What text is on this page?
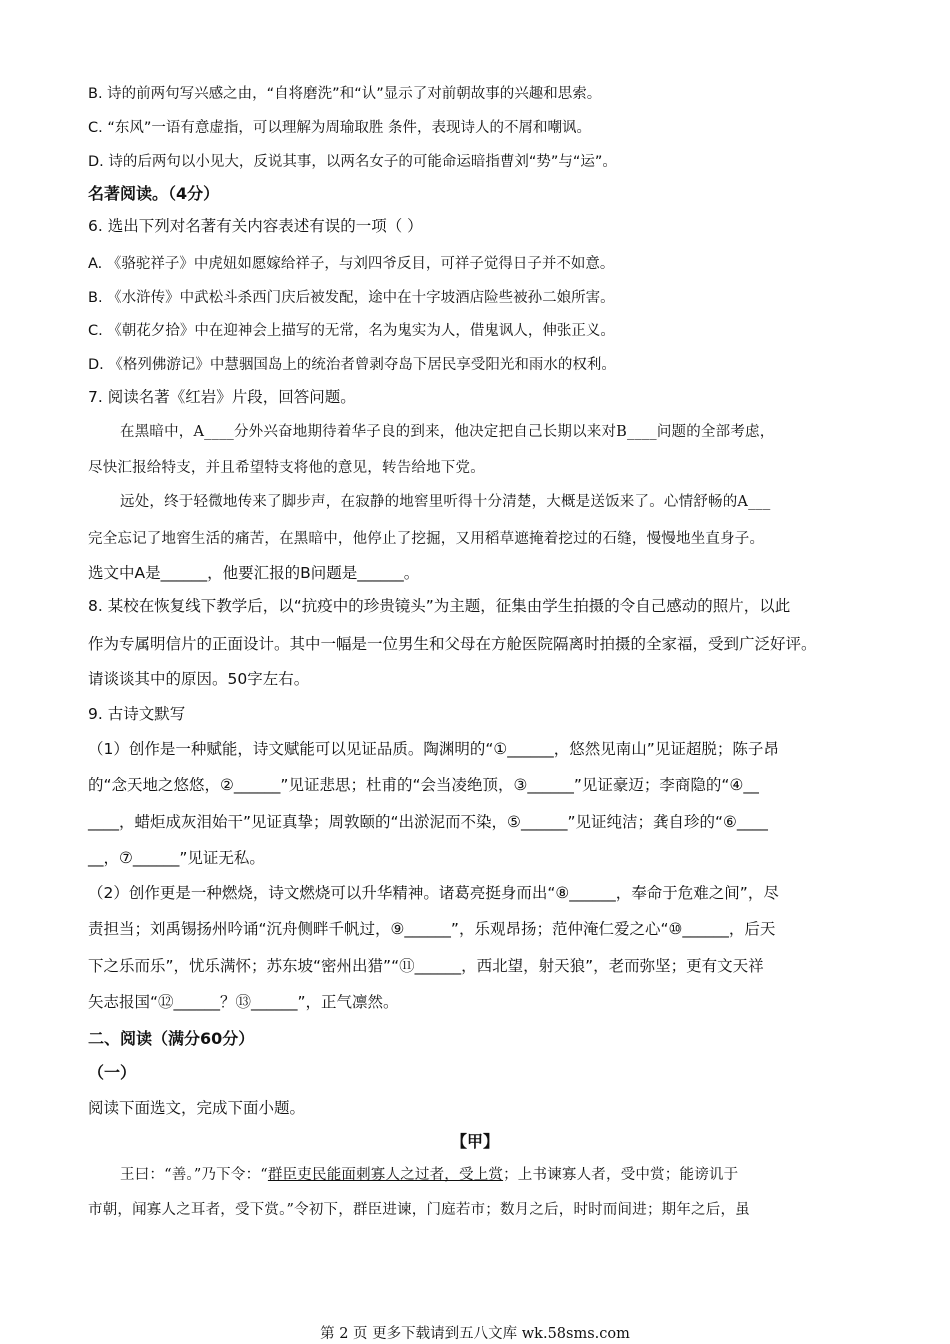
B. 诗的前两句写兴感之由，“自将磨洗”和“认”显示了对前朝故事的兴趣和思索。
C. “东风”一语有意虚指，可以理解为周瑜取胜 条件，表现诗人的不屑和嘲讽。
D. 诗的后两句以小见大，反说其事，以两名女子的可能命运暗指曹刘“势”与“运”。
名著阅读。（4分）
6. 选出下列对名著有关内容表述有误的一项（ ）
A. 《骆驼祥子》中虎妞如愿嫁给祥子，与刘四爷反目，可祥子觉得日子并不如意。
B. 《水浒传》中武松斗杀西门庆后被发配，途中在十字坡酒店险些被孙二娘所害。
C. 《朝花夕拾》中在迎神会上描写的无常，名为鬼实为人，借鬼讽人，伸张正义。
D. 《格列佛游记》中慧骃国岛上的统治者曾剥夺岛下居民享受阳光和雨水的权利。
7. 阅读名著《红岩》片段，回答问题。
在黑暗中，A____分外兴奋地期待着华子良的到来，他决定把自己长期以来对B____问题的全部考虑，
尽快汇报给特支，并且希望特支将他的意见，转告给地下党。
远处，终于轻微地传来了脚步声，在寂静的地窖里听得十分清楚，大概是送饭来了。心情舒畅的A___
完全忘记了地窖生活的痛苦，在黑暗中，他停止了挖掘，又用稻草遮掩着挖过的石缝，慢慢地坐直身子。
选文中A是______，他要汇报的B问题是______。
8. 某校在恢复线下教学后，以“抗疫中的珍贵镜头”为主题，征集由学生拍摄的令自己感动的照片，以此
作为专属明信片的正面设计。其中一幅是一位男生和父母在方舱医院隔离时拍摄的全家福，受到广泛好评。
请谈谈其中的原因。50字左右。
9. 古诗文默写
（1）创作是一种赋能，诗文赋能可以见证品质。陶渊明的“①______，悠然见南山”见证超脱；陈子昂
的“念天地之悠悠，②______”见证悲思；杜甫的“会当凌绝顶，③______”见证豪迈；李商隐的“④__
____，蜡炬成灰泪始干”见证真挚；周敦颐的“出淤泥而不染，⑤______”见证纯洁；龚自珍的“⑥____
__，⑦______”见证无私。
（2）创作更是一种燃烧，诗文燃烧可以升华精神。诸葛亮挺身而出“⑧______，奉命于危难之间”，尽
责担当；刘禹锡扬州吟诵“沉舟侧畔千帆过，⑨______”，乐观昂扬；范仲淹仁爱之心“⑩______，后天
下之乐而乐”，忧乐满怀；苏东坡“密州出猎”“⑪______，西北望，射天狼”，老而弥坚；更有文天祥
矢志报国“⑫______？⑬______”，正气凛然。
二、阅读（满分60分）
（一）
阅读下面选文，完成下面小题。
【甲】
王曰：“善。”乃下令：“群臣吏民能面刺寡人之过者，受上赏；上书谏寡人者，受中赏；能谤讥于
市朝，闻寡人之耳者，受下赏。”令初下，群臣进谏，门庭若市；数月之后，时时而间进；期年之后，虽
第 2 页 更多下载请到五八文库 wk.58sms.com
